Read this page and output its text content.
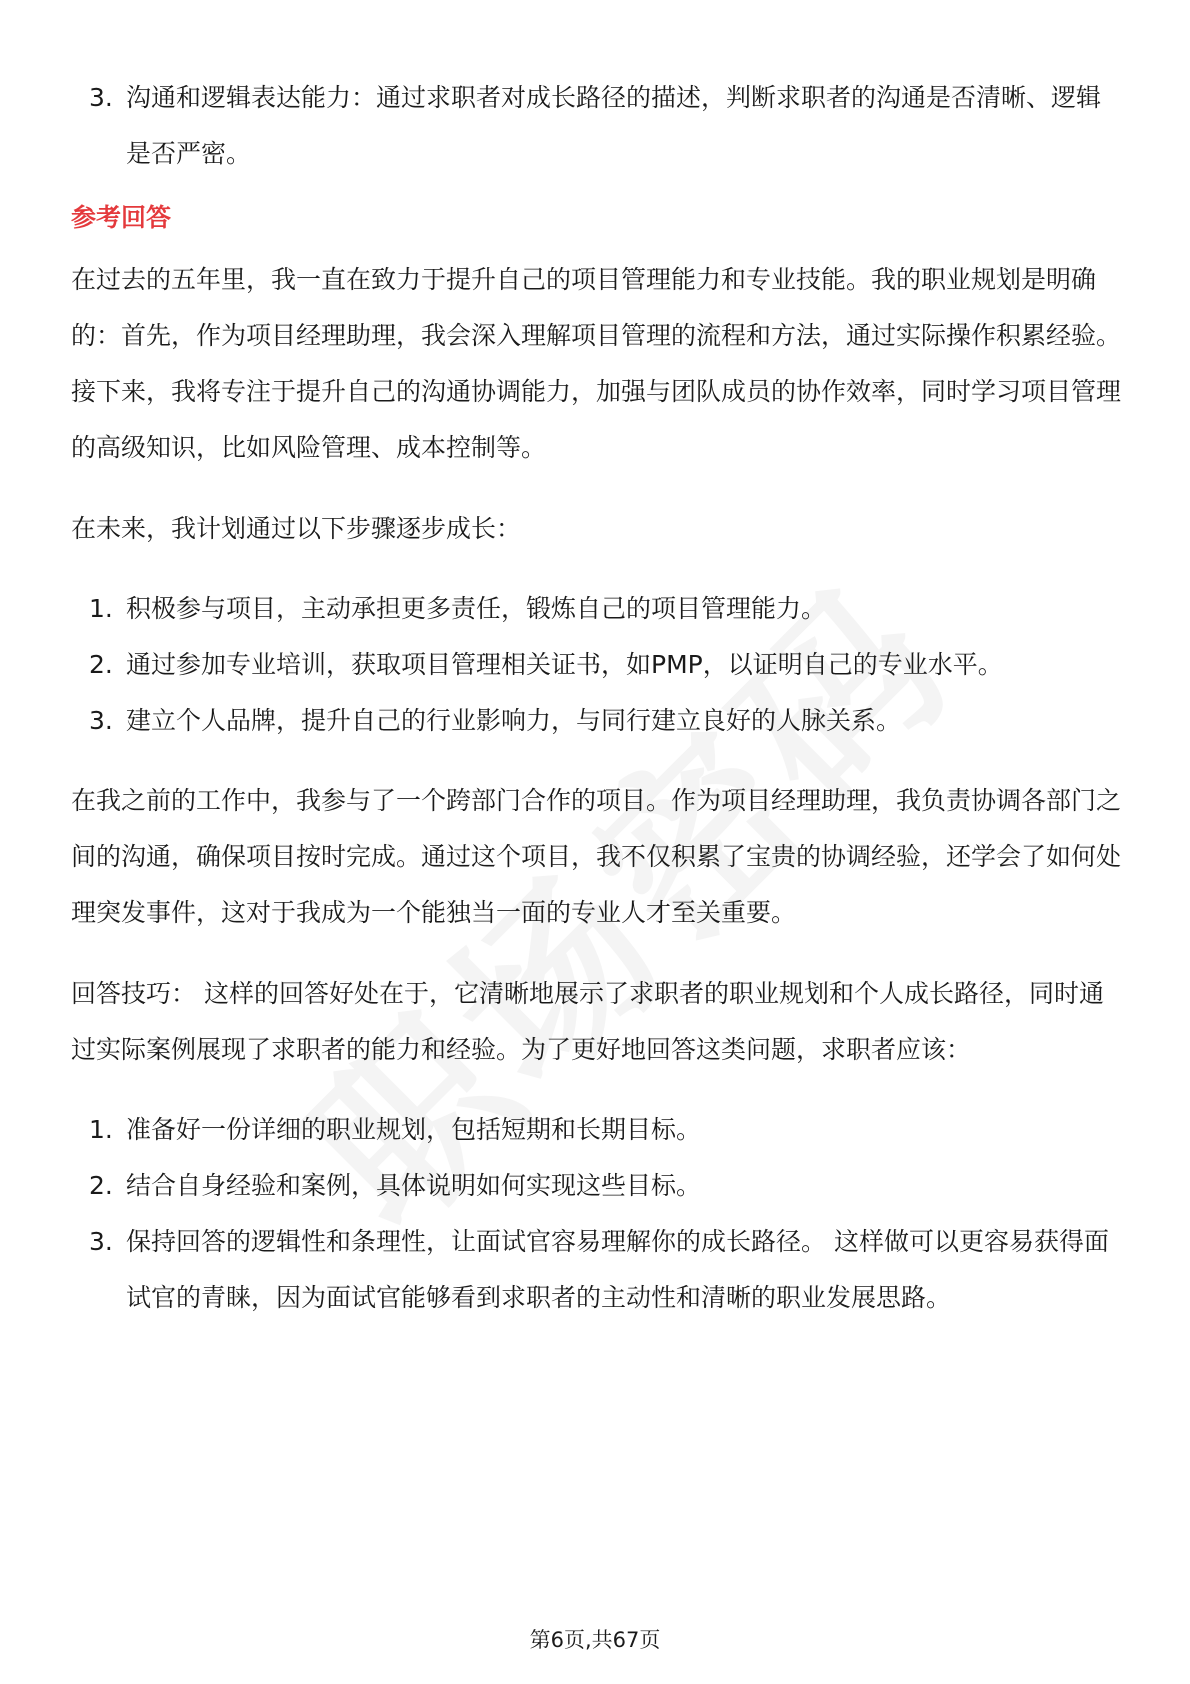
3. 沟通和逻辑表达能力：通过求职者对成长路径的描述，判断求职者的沟通是否清晰、逻辑是否严密。
参考回答

在过去的五年里，我一直在致力于提升自己的项目管理能力和专业技能。我的职业规划是明确的：首先，作为项目经理助理，我会深入理解项目管理的流程和方法，通过实际操作积累经验。接下来，我将专注于提升自己的沟通协调能力，加强与团队成员的协作效率，同时学习项目管理的高级知识，比如风险管理、成本控制等。

在未来，我计划通过以下步骤逐步成长：

1. 积极参与项目，主动承担更多责任，锻炼自己的项目管理能力。
2. 通过参加专业培训，获取项目管理相关证书，如PMP，以证明自己的专业水平。
3. 建立个人品牌，提升自己的行业影响力，与同行建立良好的人脉关系。

在我之前的工作中，我参与了一个跨部门合作的项目。作为项目经理助理，我负责协调各部门之间的沟通，确保项目按时完成。通过这个项目，我不仅积累了宝贵的协调经验，还学会了如何处理突发事件，这对于我成为一个能独当一面的专业人才至关重要。

回答技巧： 这样的回答好处在于，它清晰地展示了求职者的职业规划和个人成长路径，同时通过实际案例展现了求职者的能力和经验。为了更好地回答这类问题，求职者应该：

1. 准备好一份详细的职业规划，包括短期和长期目标。
2. 结合自身经验和案例，具体说明如何实现这些目标。
3. 保持回答的逻辑性和条理性，让面试官容易理解你的成长路径。 这样做可以更容易获得面试官的青睐，因为面试官能够看到求职者的主动性和清晰的职业发展思路。
第6页,共67页
